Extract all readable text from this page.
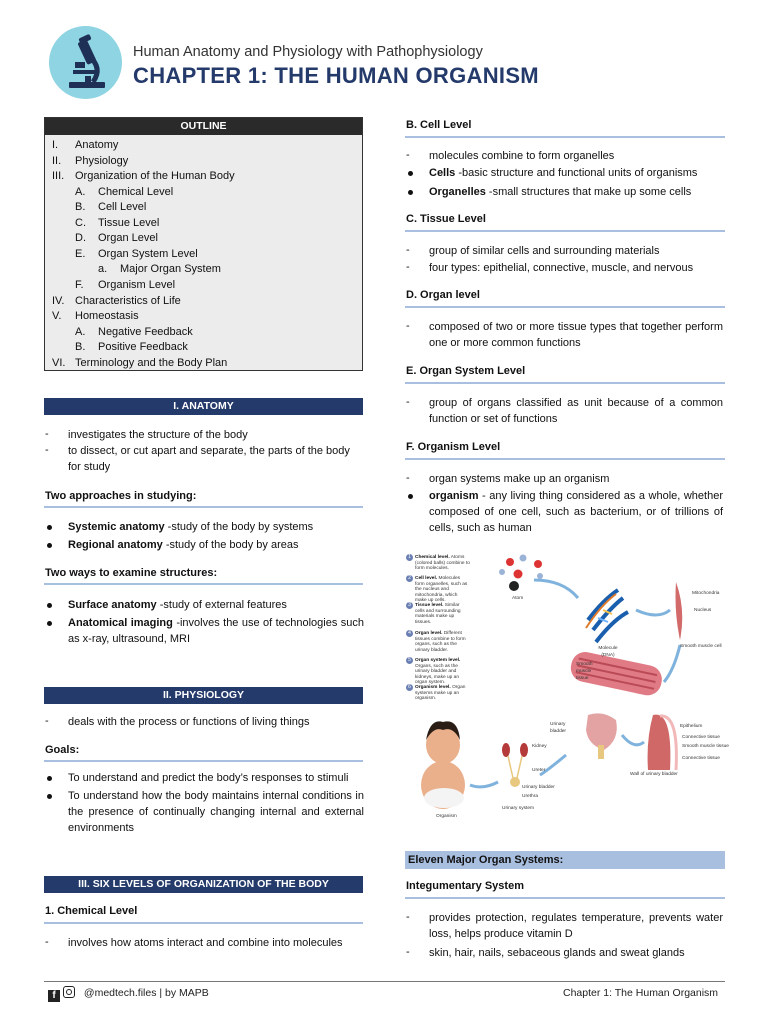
Human Anatomy and Physiology with Pathophysiology
CHAPTER 1: THE HUMAN ORGANISM
OUTLINE
I. Anatomy
II. Physiology
III. Organization of the Human Body
A. Chemical Level
B. Cell Level
C. Tissue Level
D. Organ Level
E. Organ System Level
a. Major Organ System
F. Organism Level
IV. Characteristics of Life
V. Homeostasis
A. Negative Feedback
B. Positive Feedback
VI. Terminology and the Body Plan
I. ANATOMY
- investigates the structure of the body
- to dissect, or cut apart and separate, the parts of the body for study
Two approaches in studying:
Systemic anatomy -study of the body by systems
Regional anatomy -study of the body by areas
Two ways to examine structures:
Surface anatomy -study of external features
Anatomical imaging -involves the use of technologies such as x-ray, ultrasound, MRI
II. PHYSIOLOGY
- deals with the process or functions of living things
Goals:
To understand and predict the body’s responses to stimuli
To understand how the body maintains internal conditions in the presence of continually changing internal and external environments
III. SIX LEVELS OF ORGANIZATION OF THE BODY
1. Chemical Level
- involves how atoms interact and combine into molecules
B. Cell Level
- molecules combine to form organelles
Cells -basic structure and functional units of organisms
Organelles -small structures that make up some cells
C. Tissue Level
- group of similar cells and surrounding materials
- four types: epithelial, connective, muscle, and nervous
D. Organ level
- composed of two or more tissue types that together perform one or more common functions
E. Organ System Level
- group of organs classified as unit because of a common function or set of functions
F. Organism Level
- organ systems make up an organism
organism - any living thing considered as a whole, whether composed of one cell, such as bacterium, or of trillions of cells, such as human
1 Chemical level. Atoms (colored balls) combine to form molecules.
2 Cell level. Molecules form organelles, such as the nucleus and mitochondria, which make up cells.
3 Tissue level. Similar cells and surrounding materials make up tissues.
4 Organ level. Different tissues combine to form organs, such as the urinary bladder.
5 Organ system level. Organs, such as the urinary bladder and kidneys, make up an organ system.
6 Organism level. Organ systems make up an organism.
Atom
Molecule (DNA)
Mitochondria
Nucleus
Smooth muscle cell
Smooth muscle tissue
Urinary bladder
Epithelium
Connective tissue
Smooth muscle tissue
Connective tissue
Wall of urinary bladder
Kidney
Ureter
Urinary bladder
Urethra
Urinary system
Organism
Eleven Major Organ Systems:
Integumentary System
- provides protection, regulates temperature, prevents water loss, helps produce vitamin D
- skin, hair, nails, sebaceous glands and sweat glands
f	@medtech.files | by MAPB	Chapter 1: The Human Organism
